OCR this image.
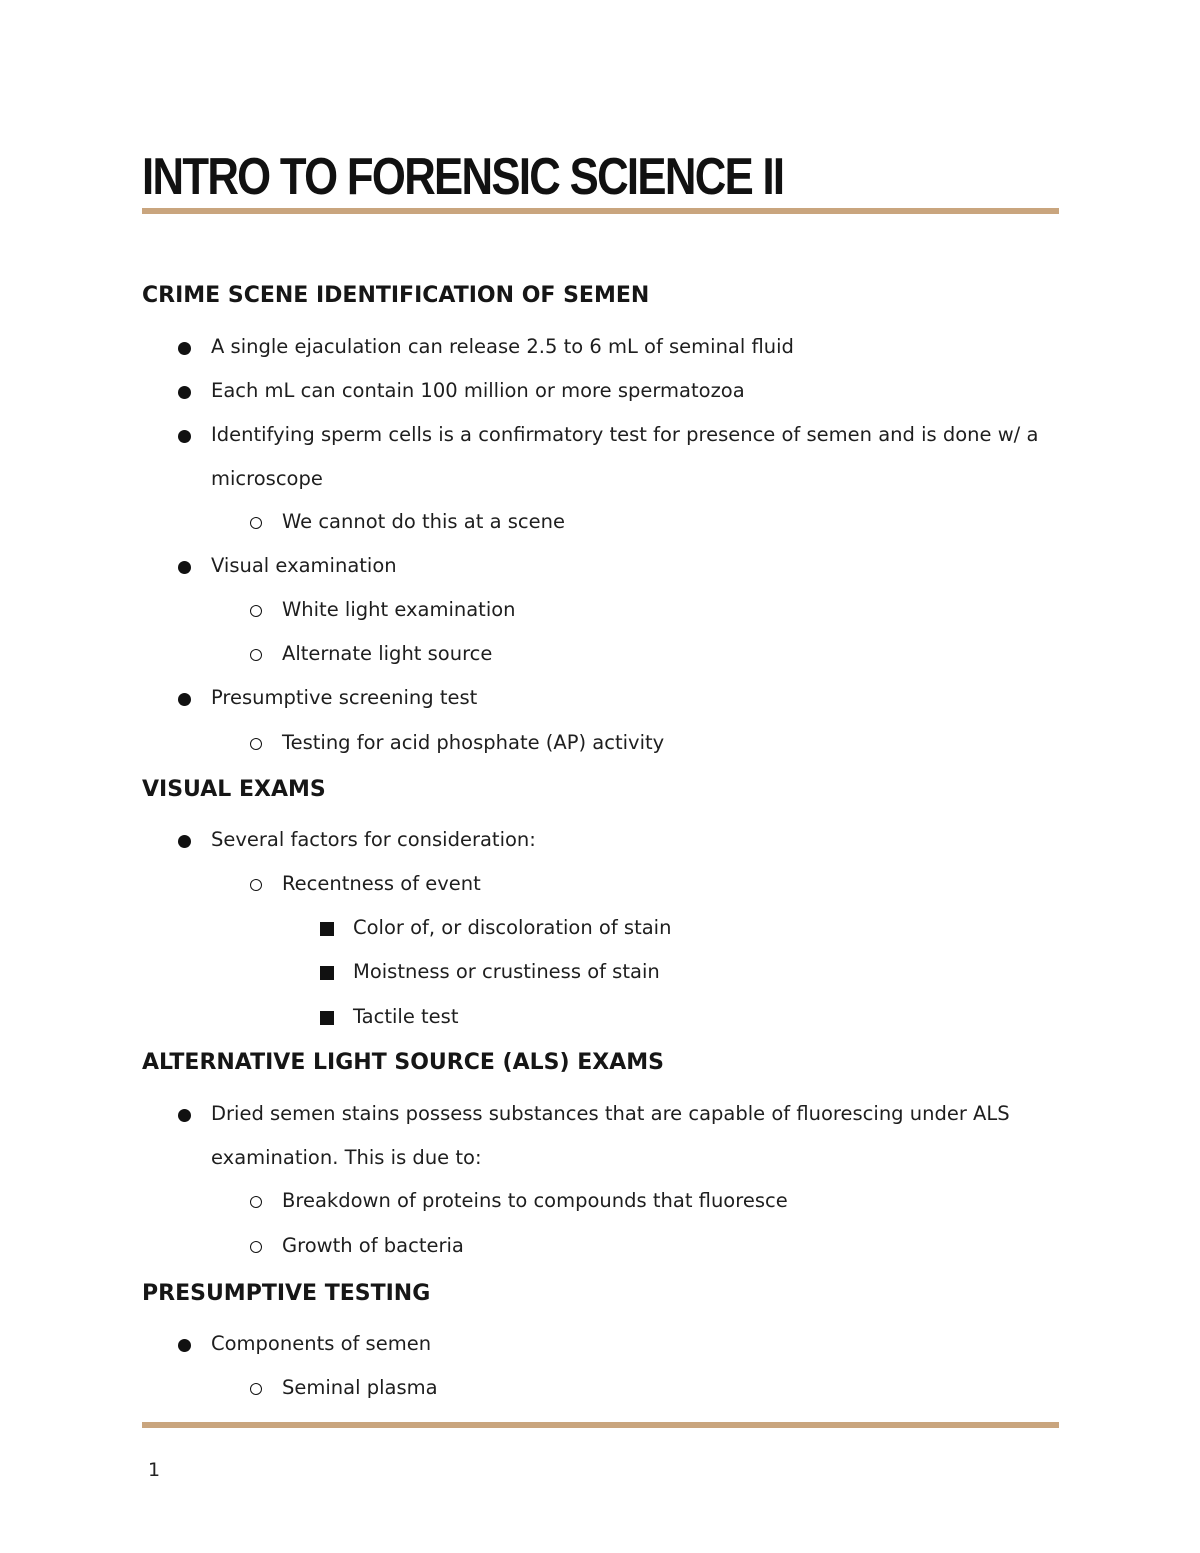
INTRO TO FORENSIC SCIENCE II
CRIME SCENE IDENTIFICATION OF SEMEN
A single ejaculation can release 2.5 to 6 mL of seminal fluid
Each mL can contain 100 million or more spermatozoa
Identifying sperm cells is a confirmatory test for presence of semen and is done w/ a
microscope
We cannot do this at a scene
Visual examination
White light examination
Alternate light source
Presumptive screening test
Testing for acid phosphate (AP) activity
VISUAL EXAMS
Several factors for consideration:
Recentness of event
Color of, or discoloration of stain
Moistness or crustiness of stain
Tactile test
ALTERNATIVE LIGHT SOURCE (ALS) EXAMS
Dried semen stains possess substances that are capable of fluorescing under ALS
examination. This is due to:
Breakdown of proteins to compounds that fluoresce
Growth of bacteria
PRESUMPTIVE TESTING
Components of semen
Seminal plasma
1
